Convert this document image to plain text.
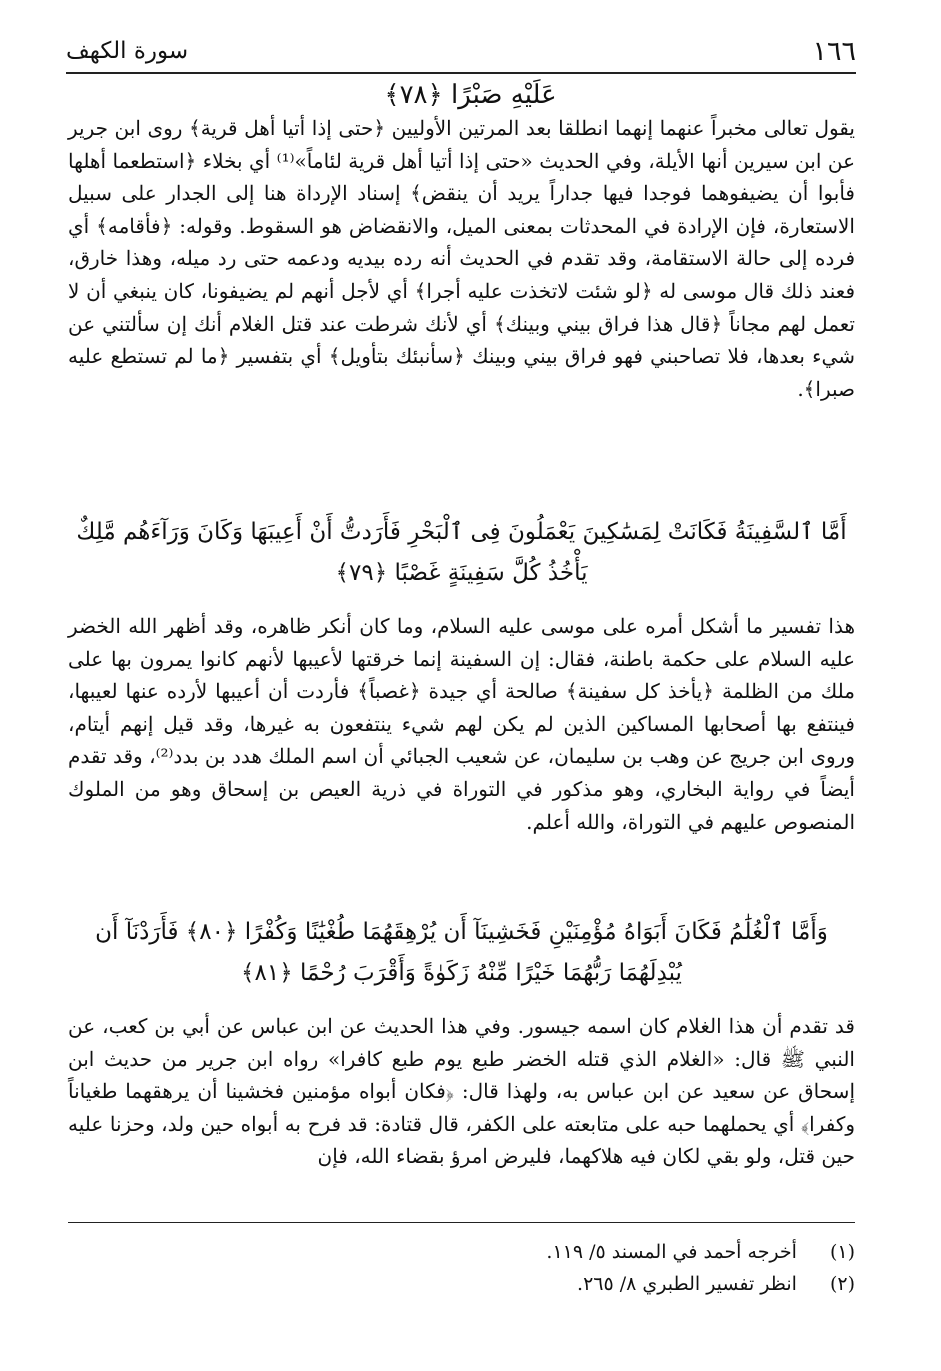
سورة الكهف	١٦٦
عَلَيْهِ صَبْرًا ﴿٧٨﴾

يقول تعالى مخبراً عنهما إنهما انطلقا بعد المرتين الأوليين ﴿حتى إذا أتيا أهل قرية﴾ روى ابن جرير عن ابن سيرين أنها الأيلة، وفي الحديث «حتى إذا أتيا أهل قرية لئاماً»⁽¹⁾ أي بخلاء ﴿استطعما أهلها فأبوا أن يضيفوهما فوجدا فيها جداراً يريد أن ينقض﴾ إسناد الإرداة هنا إلى الجدار على سبيل الاستعارة، فإن الإرادة في المحدثات بمعنى الميل، والانقضاض هو السقوط. وقوله: ﴿فأقامه﴾ أي فرده إلى حالة الاستقامة، وقد تقدم في الحديث أنه رده بيديه ودعمه حتى رد ميله، وهذا خارق، فعند ذلك قال موسى له ﴿لو شئت لاتخذت عليه أجرا﴾ أي لأجل أنهم لم يضيفونا، كان ينبغي أن لا تعمل لهم مجاناً ﴿قال هذا فراق بيني وبينك﴾ أي لأنك شرطت عند قتل الغلام أنك إن سألتني عن شيء بعدها، فلا تصاحبني فهو فراق بيني وبينك ﴿سأنبئك بتأويل﴾ أي بتفسير ﴿ما لم تستطع عليه صبرا﴾.

أَمَّا ٱلسَّفِينَةُ فَكَانَتْ لِمَسَٰكِينَ يَعْمَلُونَ فِى ٱلْبَحْرِ فَأَرَدتُّ أَنْ أَعِيبَهَا وَكَانَ وَرَآءَهُم مَّلِكٌ يَأْخُذُ كُلَّ سَفِينَةٍ غَصْبًا ﴿٧٩﴾

هذا تفسير ما أشكل أمره على موسى عليه السلام، وما كان أنكر ظاهره، وقد أظهر الله الخضر عليه السلام على حكمة باطنة، فقال: إن السفينة إنما خرقتها لأعيبها لأنهم كانوا يمرون بها على ملك من الظلمة ﴿يأخذ كل سفينة﴾ صالحة أي جيدة ﴿غصباً﴾ فأردت أن أعيبها لأرده عنها لعيبها، فينتفع بها أصحابها المساكين الذين لم يكن لهم شيء ينتفعون به غيرها، وقد قيل إنهم أيتام، وروى ابن جريج عن وهب بن سليمان، عن شعيب الجبائي أن اسم الملك هدد بن بدد⁽²⁾، وقد تقدم أيضاً في رواية البخاري، وهو مذكور في التوراة في ذرية العيص بن إسحاق وهو من الملوك المنصوص عليهم في التوراة، والله أعلم.

وَأَمَّا ٱلْغُلَٰمُ فَكَانَ أَبَوَاهُ مُؤْمِنَيْنِ فَخَشِينَآ أَن يُرْهِقَهُمَا طُغْيَٰنًا وَكُفْرًا ﴿٨٠﴾ فَأَرَدْنَآ أَن يُبْدِلَهُمَا رَبُّهُمَا خَيْرًا مِّنْهُ زَكَوٰةً وَأَقْرَبَ رُحْمًا ﴿٨١﴾

قد تقدم أن هذا الغلام كان اسمه جيسور. وفي هذا الحديث عن ابن عباس عن أبي بن كعب، عن النبي ﷺ قال: «الغلام الذي قتله الخضر طبع يوم طبع كافرا» رواه ابن جرير من حديث ابن إسحاق عن سعيد عن ابن عباس به، ولهذا قال: ﴿فكان أبواه مؤمنين فخشينا أن يرهقهما طغياناً وكفرا﴾ أي يحملهما حبه على متابعته على الكفر، قال قتادة: قد فرح به أبواه حين ولد، وحزنا عليه حين قتل، ولو بقي لكان فيه هلاكهما، فليرض امرؤ بقضاء الله، فإن

(١) أخرجه أحمد في المسند ٥/ ١١٩.
(٢) انظر تفسير الطبري ٨/ ٢٦٥.
